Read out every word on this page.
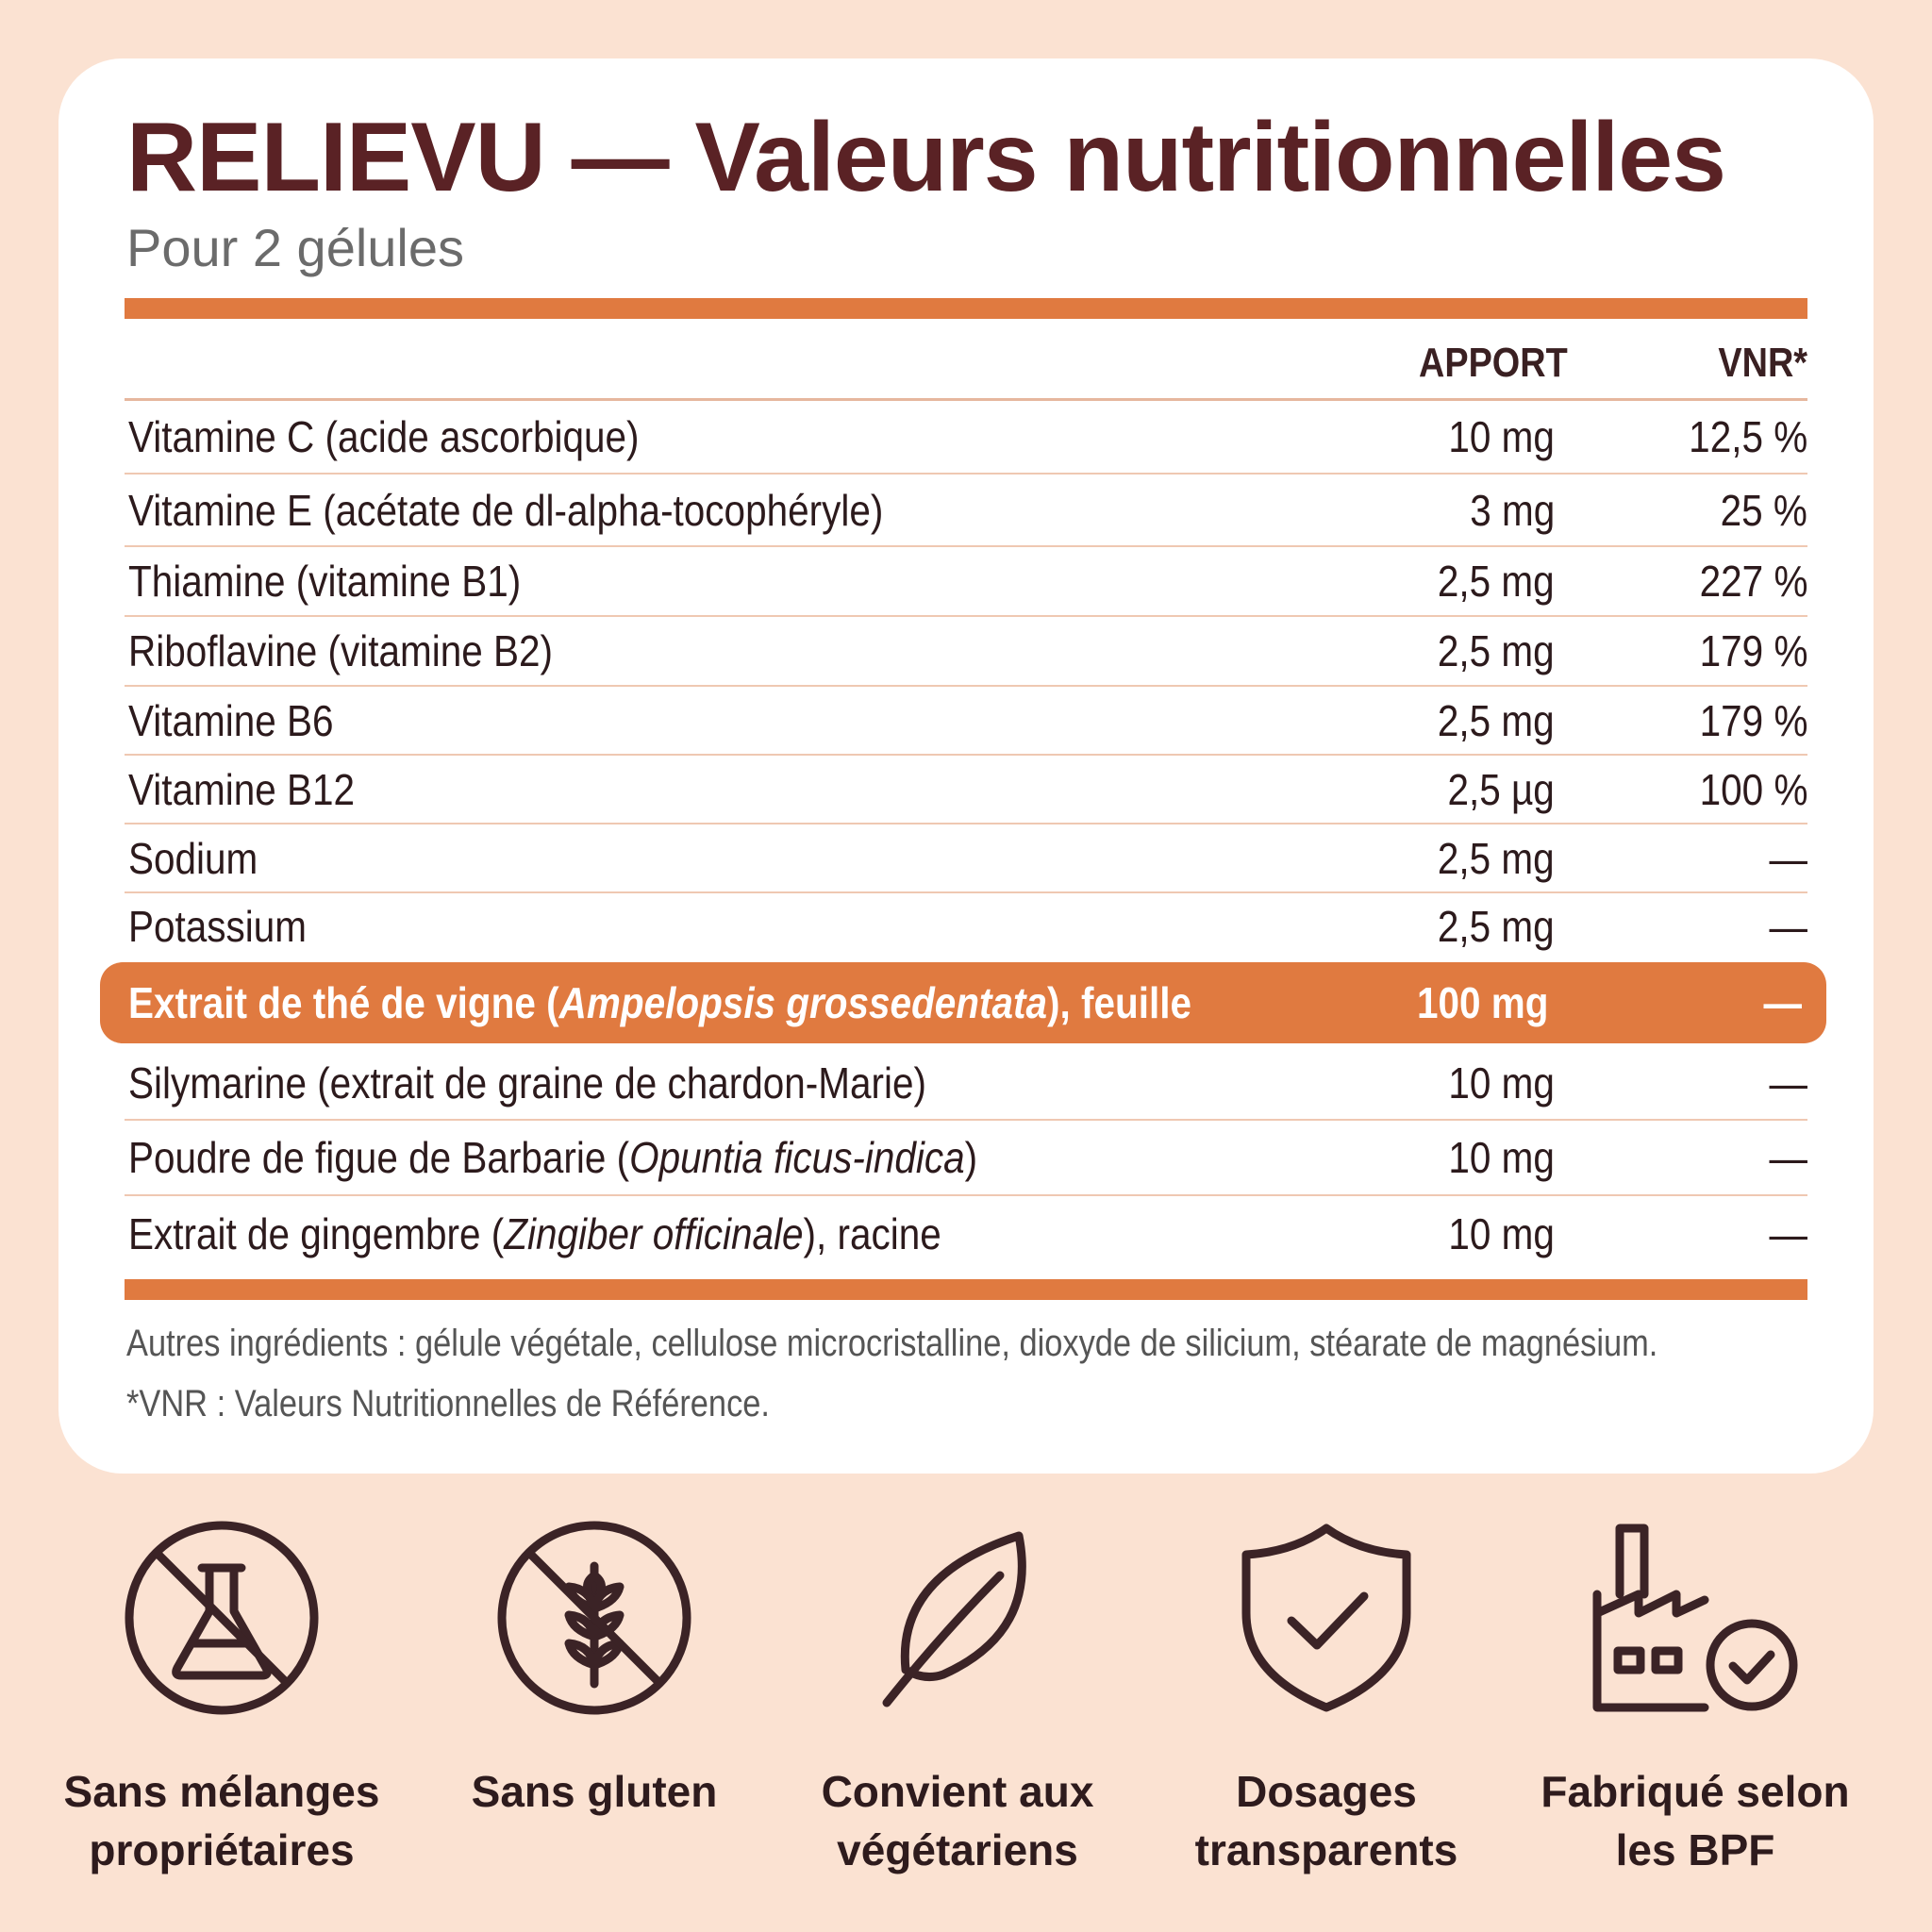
RELIEVU — Valeurs nutritionnelles
Pour 2 gélules
APPORT	VNR*
Vitamine C (acide ascorbique)	10 mg	12,5 %
Vitamine E (acétate de dl-alpha-tocophéryle)	3 mg	25 %
Thiamine (vitamine B1)	2,5 mg	227 %
Riboflavine (vitamine B2)	2,5 mg	179 %
Vitamine B6	2,5 mg	179 %
Vitamine B12	2,5 µg	100 %
Sodium	2,5 mg	—
Potassium	2,5 mg	—
Extrait de thé de vigne (Ampelopsis grossedentata), feuille	100 mg	—
Silymarine (extrait de graine de chardon-Marie)	10 mg	—
Poudre de figue de Barbarie (Opuntia ficus-indica)	10 mg	—
Extrait de gingembre (Zingiber officinale), racine	10 mg	—
Autres ingrédients : gélule végétale, cellulose microcristalline, dioxyde de silicium, stéarate de magnésium.
*VNR : Valeurs Nutritionnelles de Référence.
Sans mélanges
propriétaires
Sans gluten	Convient aux
végétariens
Dosages
transparents
Fabriqué selon
les BPF
